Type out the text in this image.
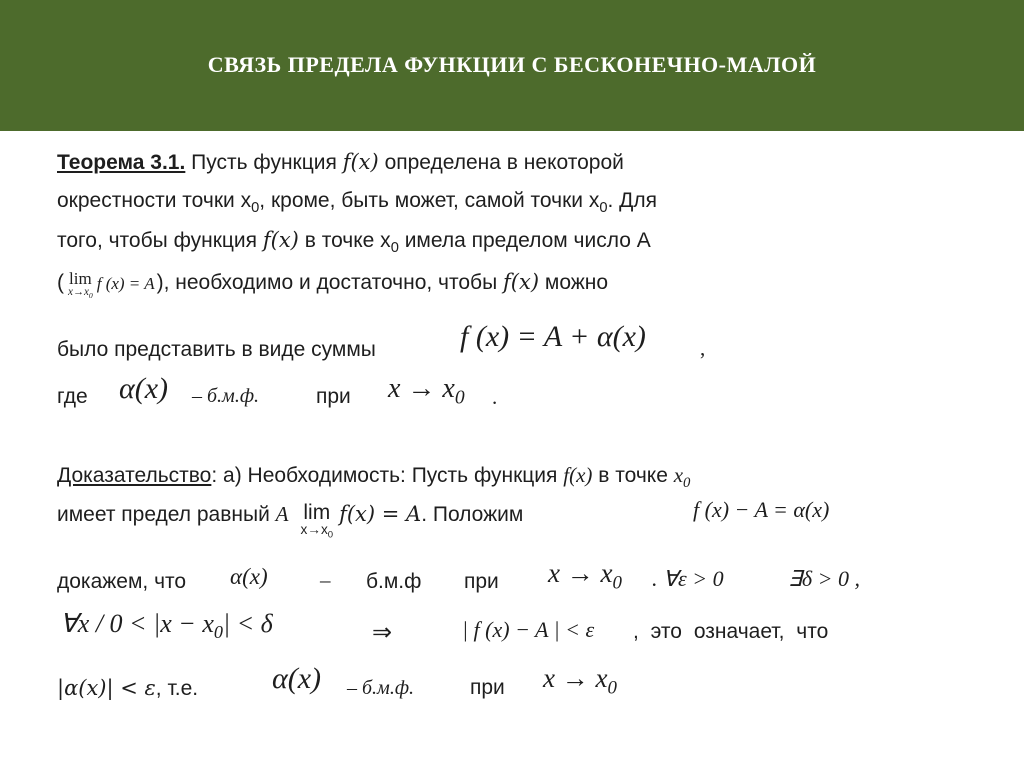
СВЯЗЬ ПРЕДЕЛА ФУНКЦИИ С БЕСКОНЕЧНО-МАЛОЙ
Теорема 3.1. Пусть функция 𝑓(𝑥) определена в некоторой
окрестности точки $x_0$, кроме, быть может, самой точки $x_0$. Для
того, чтобы функция 𝑓(𝑥) в точке $x_0$ имела пределом число А
( lim
$x\to x_0$
f (x) = A), необходимо и достаточно, чтобы 𝑓(𝑥) можно
было представить в виде суммы	f (x) = A + α(x)	,
где α(x) – б.м.ф.	при $x \to x_0$ .
Доказательство: а) Необходимость: Пусть функция f(x) в точке $x_0$
имеет предел равный A lim
$x\to x_0$
𝑓(𝑥) = 𝐴. Положим	f (x) − A = α(x)
докажем, что α(x) – б.м.ф при $x \to x_0$ . ∀ε > 0	∃δ > 0 ,
∀x / $0 < |x - x_0| < \delta$	⇒	| f (x) − A | < ε , это означает, что
|𝛼(x)| < 𝜀, т.е. α(x) – б.м.ф.	при $x \to x_0$
